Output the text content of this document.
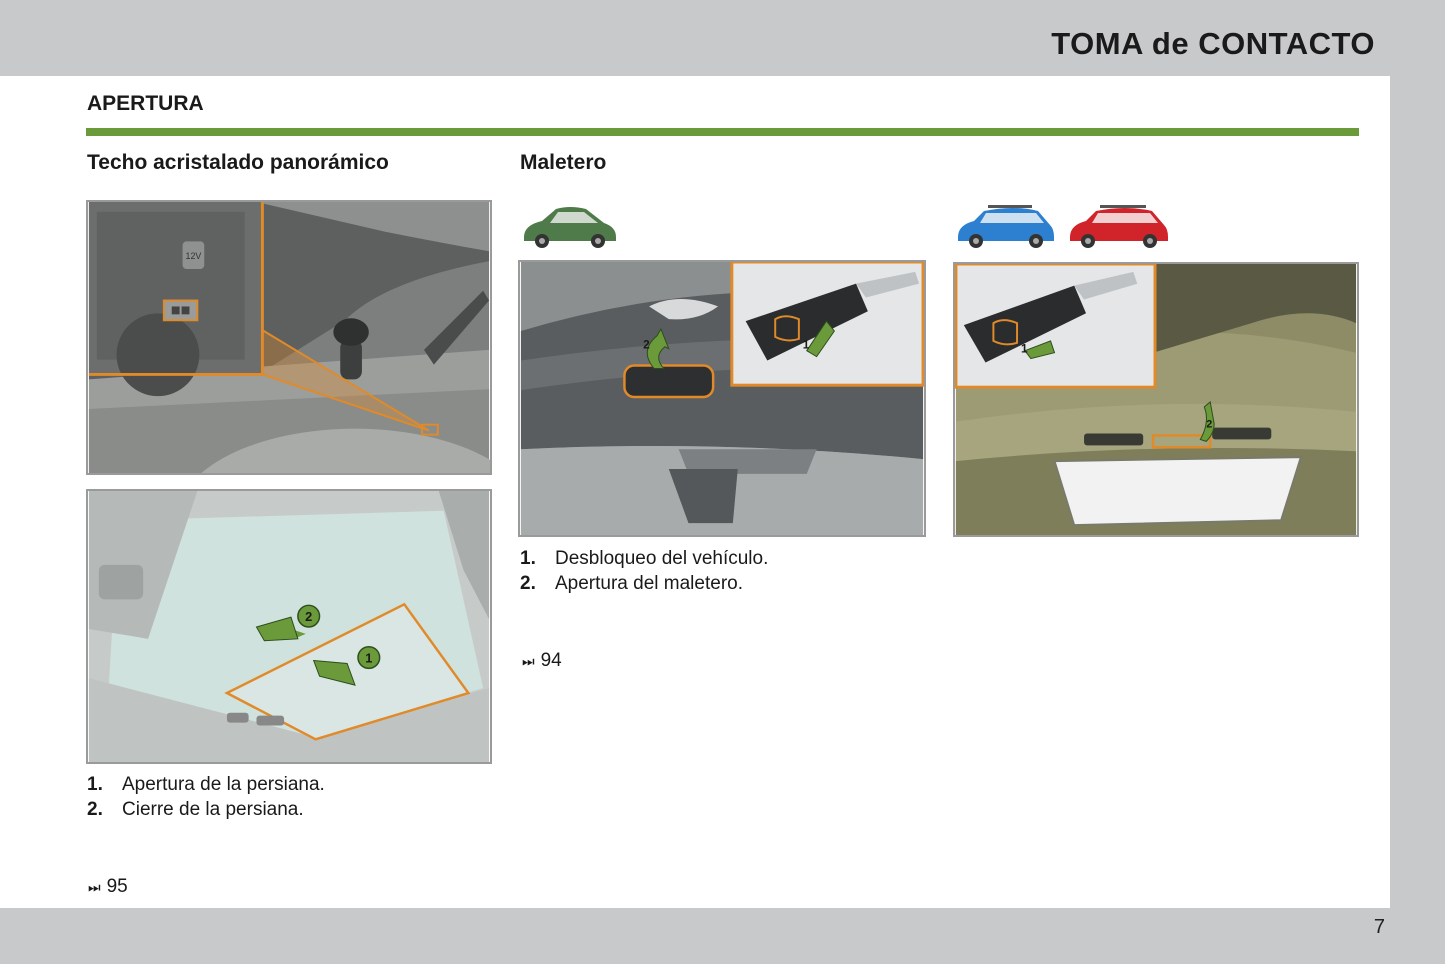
TOMA de CONTACTO
7
APERTURA
Techo acristalado panorámico
12V
2
1
1.	Apertura de la persiana.
2.	Cierre de la persiana.
⏭ 95
Maletero
2	1
1.	Desbloqueo del vehículo.
2.	Apertura del maletero.
⏭ 94
2
1
